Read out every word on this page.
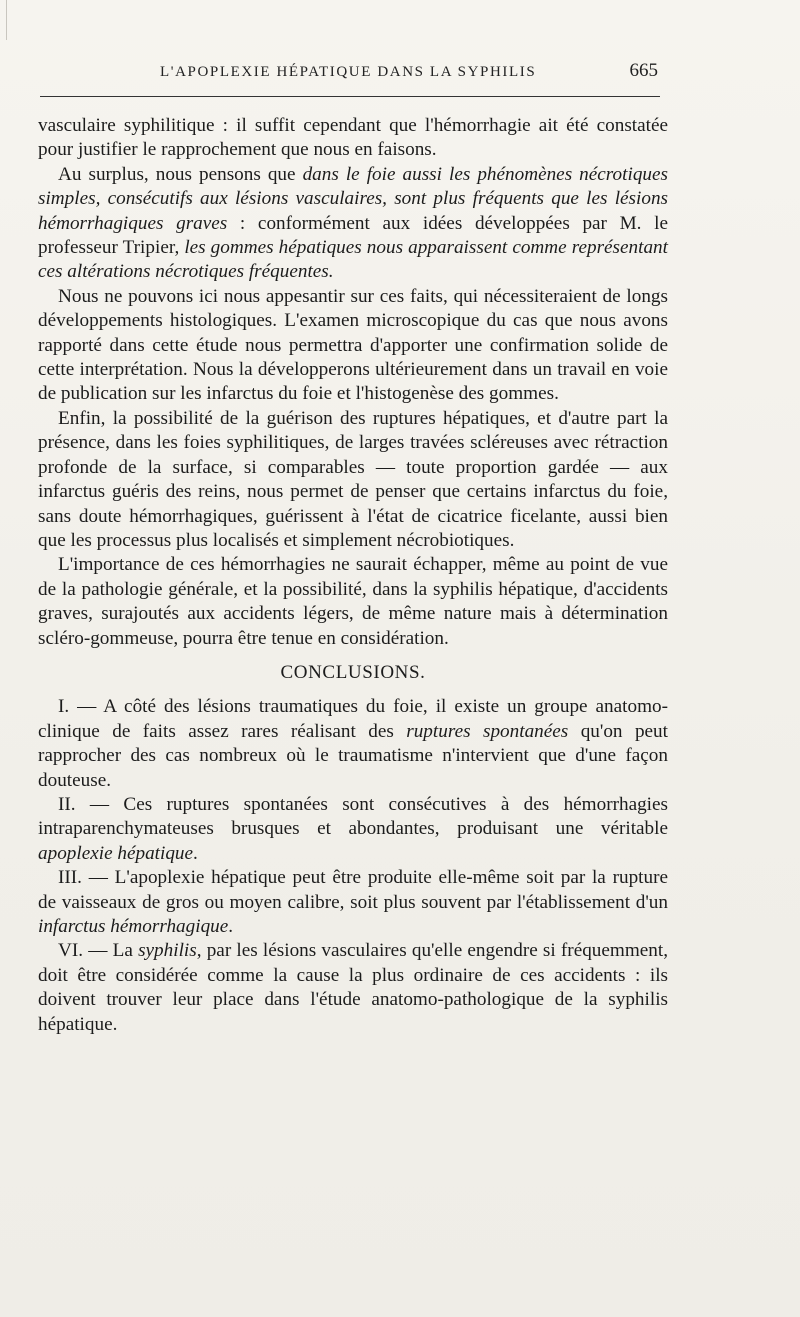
L'APOPLEXIE HÉPATIQUE DANS LA SYPHILIS	665

vasculaire syphilitique : il suffit cependant que l'hémorrhagie ait été constatée pour justifier le rapprochement que nous en faisons.

Au surplus, nous pensons que dans le foie aussi les phénomènes nécrotiques simples, consécutifs aux lésions vasculaires, sont plus fréquents que les lésions hémorrhagiques graves : conformément aux idées développées par M. le professeur Tripier, les gommes hépatiques nous apparaissent comme représentant ces altérations nécrotiques fréquentes.

Nous ne pouvons ici nous appesantir sur ces faits, qui nécessiteraient de longs développements histologiques. L'examen microscopique du cas que nous avons rapporté dans cette étude nous permettra d'apporter une confirmation solide de cette interprétation. Nous la développerons ultérieurement dans un travail en voie de publication sur les infarctus du foie et l'histogenèse des gommes.

Enfin, la possibilité de la guérison des ruptures hépatiques, et d'autre part la présence, dans les foies syphilitiques, de larges travées scléreuses avec rétraction profonde de la surface, si comparables — toute proportion gardée — aux infarctus guéris des reins, nous permet de penser que certains infarctus du foie, sans doute hémorrhagiques, guérissent à l'état de cicatrice ficelante, aussi bien que les processus plus localisés et simplement nécrobiotiques.

L'importance de ces hémorrhagies ne saurait échapper, même au point de vue de la pathologie générale, et la possibilité, dans la syphilis hépatique, d'accidents graves, surajoutés aux accidents légers, de même nature mais à détermination scléro-gommeuse, pourra être tenue en considération.

CONCLUSIONS.

I. — A côté des lésions traumatiques du foie, il existe un groupe anatomo-clinique de faits assez rares réalisant des ruptures spontanées qu'on peut rapprocher des cas nombreux où le traumatisme n'intervient que d'une façon douteuse.

II. — Ces ruptures spontanées sont consécutives à des hémorrhagies intraparenchymateuses brusques et abondantes, produisant une véritable apoplexie hépatique.

III. — L'apoplexie hépatique peut être produite elle-même soit par la rupture de vaisseaux de gros ou moyen calibre, soit plus souvent par l'établissement d'un infarctus hémorrhagique.

VI. — La syphilis, par les lésions vasculaires qu'elle engendre si fréquemment, doit être considérée comme la cause la plus ordinaire de ces accidents : ils doivent trouver leur place dans l'étude anatomo-pathologique de la syphilis hépatique.
